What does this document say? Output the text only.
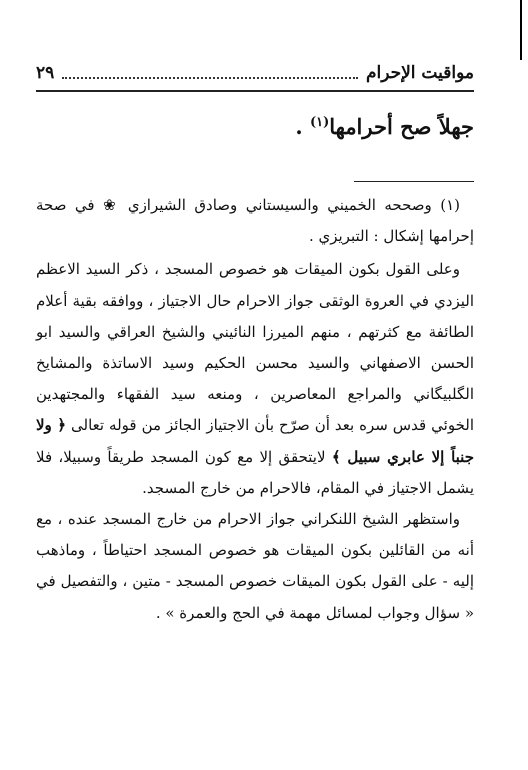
مواقيت الإحرام
٢٩
جهلاً صح أحرامها$^{(١)}$ .

(١) وصححه الخميني والسيستاني وصادق الشيرازي ❀ في صحة إحرامها إشكال : التبريزي .

وعلى القول بكون الميقات هو خصوص المسجد ، ذكر السيد الاعظم اليزدي في العروة الوثقى جواز الاحرام حال الاجتياز ، ووافقه بقية أعلام الطائفة مع كثرتهم ، منهم الميرزا النائيني والشيخ العراقي والسيد ابو الحسن الاصفهاني والسيد محسن الحكيم وسيد الاساتذة والمشايخ الگلبيگاني والمراجع المعاصرين ، ومنعه سيد الفقهاء والمجتهدين الخوئي قدس سره بعد أن صرّح بأن الاجتياز الجائز من قوله تعالى ﴿ ولا جنباً إلا عابري سبيل ﴾ لايتحقق إلا مع كون المسجد طريقاً وسبيلا، فلا يشمل الاجتياز في المقام، فالاحرام من خارج المسجد.

واستظهر الشيخ اللنكراني جواز الاحرام من خارج المسجد عنده ، مع أنه من القائلين بكون الميقات هو خصوص المسجد احتياطاً ، وماذهب إليه - على القول بكون الميقات خصوص المسجد - متين ، والتفصيل في « سؤال وجواب لمسائل مهمة في الحج والعمرة » .
